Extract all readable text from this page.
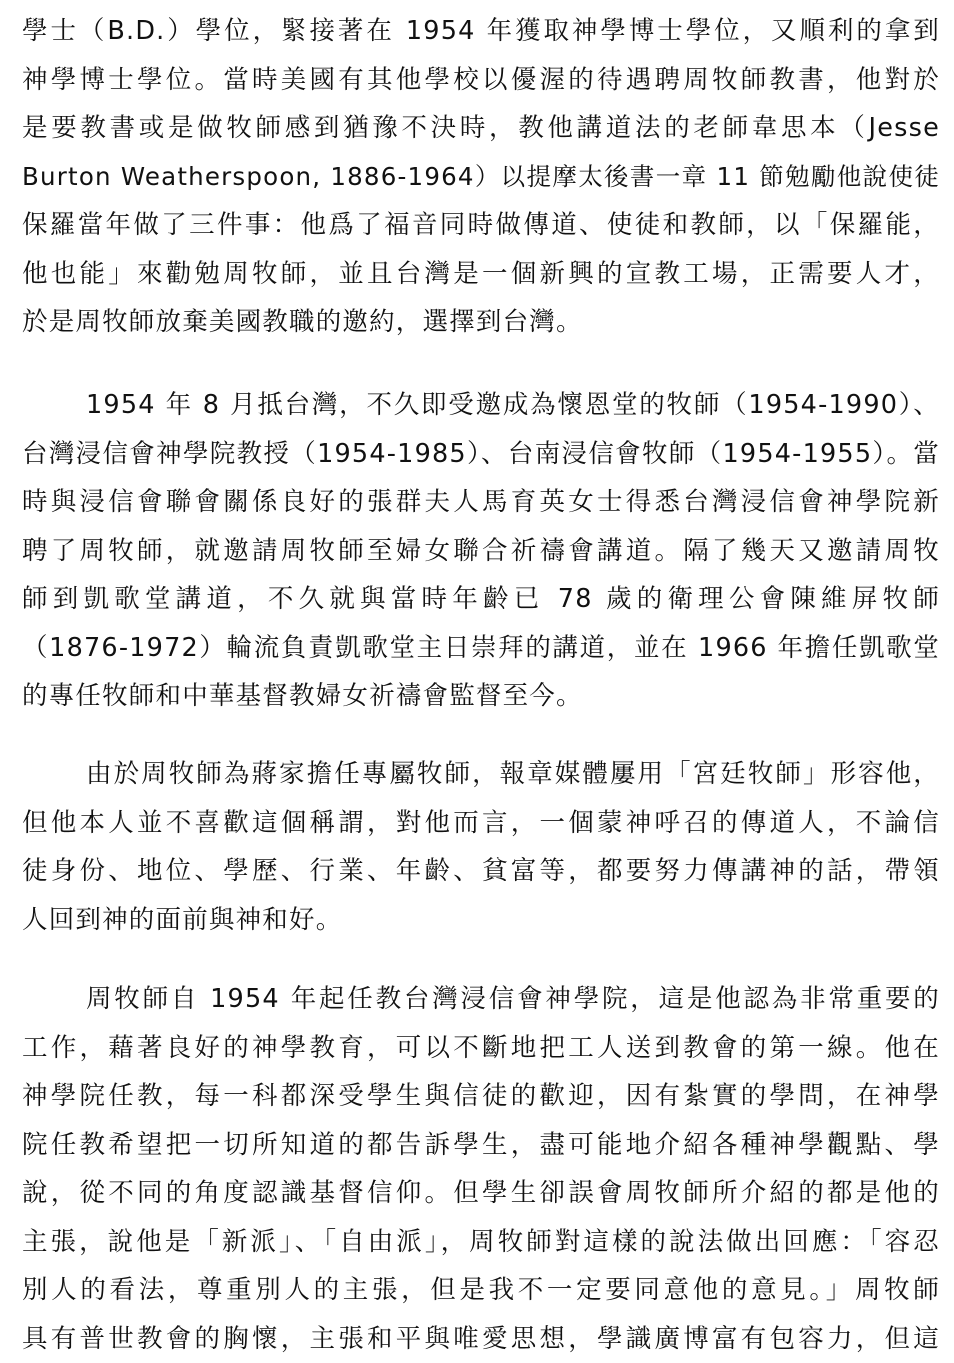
學士（B.D.）學位，緊接著在 1954 年獲取神學博士學位，又順利的拿到
神學博士學位。當時美國有其他學校以優渥的待遇聘周牧師教書，他對於
是要教書或是做牧師感到猶豫不決時，教他講道法的老師韋思本（Jesse
Burton Weatherspoon, 1886-1964）以提摩太後書一章 11 節勉勵他說使徒
保羅當年做了三件事：他爲了福音同時做傳道、使徒和教師，以「保羅能，
他也能」來勸勉周牧師，並且台灣是一個新興的宣教工場，正需要人才，
於是周牧師放棄美國教職的邀約，選擇到台灣。
1954 年 8 月抵台灣，不久即受邀成為懷恩堂的牧師（1954-1990）、
台灣浸信會神學院教授（1954-1985）、台南浸信會牧師（1954-1955）。當
時與浸信會聯會關係良好的張群夫人馬育英女士得悉台灣浸信會神學院新
聘了周牧師，就邀請周牧師至婦女聯合祈禱會講道。隔了幾天又邀請周牧
師到凱歌堂講道，不久就與當時年齡已 78 歲的衛理公會陳維屏牧師
（1876-1972）輪流負責凱歌堂主日崇拜的講道，並在 1966 年擔任凱歌堂
的專任牧師和中華基督教婦女祈禱會監督至今。
由於周牧師為蔣家擔任專屬牧師，報章媒體屢用「宮廷牧師」形容他，
但他本人並不喜歡這個稱謂，對他而言，一個蒙神呼召的傳道人，不論信
徒身份、地位、學歷、行業、年齡、貧富等，都要努力傳講神的話，帶領
人回到神的面前與神和好。
周牧師自 1954 年起任教台灣浸信會神學院，這是他認為非常重要的
工作，藉著良好的神學教育，可以不斷地把工人送到教會的第一線。他在
神學院任教，每一科都深受學生與信徒的歡迎，因有紮實的學問，在神學
院任教希望把一切所知道的都告訴學生，盡可能地介紹各種神學觀點、學
說，從不同的角度認識基督信仰。但學生卻誤會周牧師所介紹的都是他的
主張，說他是「新派」、「自由派」，周牧師對這樣的說法做出回應：「容忍
別人的看法，尊重別人的主張，但是我不一定要同意他的意見。」周牧師
具有普世教會的胸懷，主張和平與唯愛思想，學識廣博富有包容力，但這
